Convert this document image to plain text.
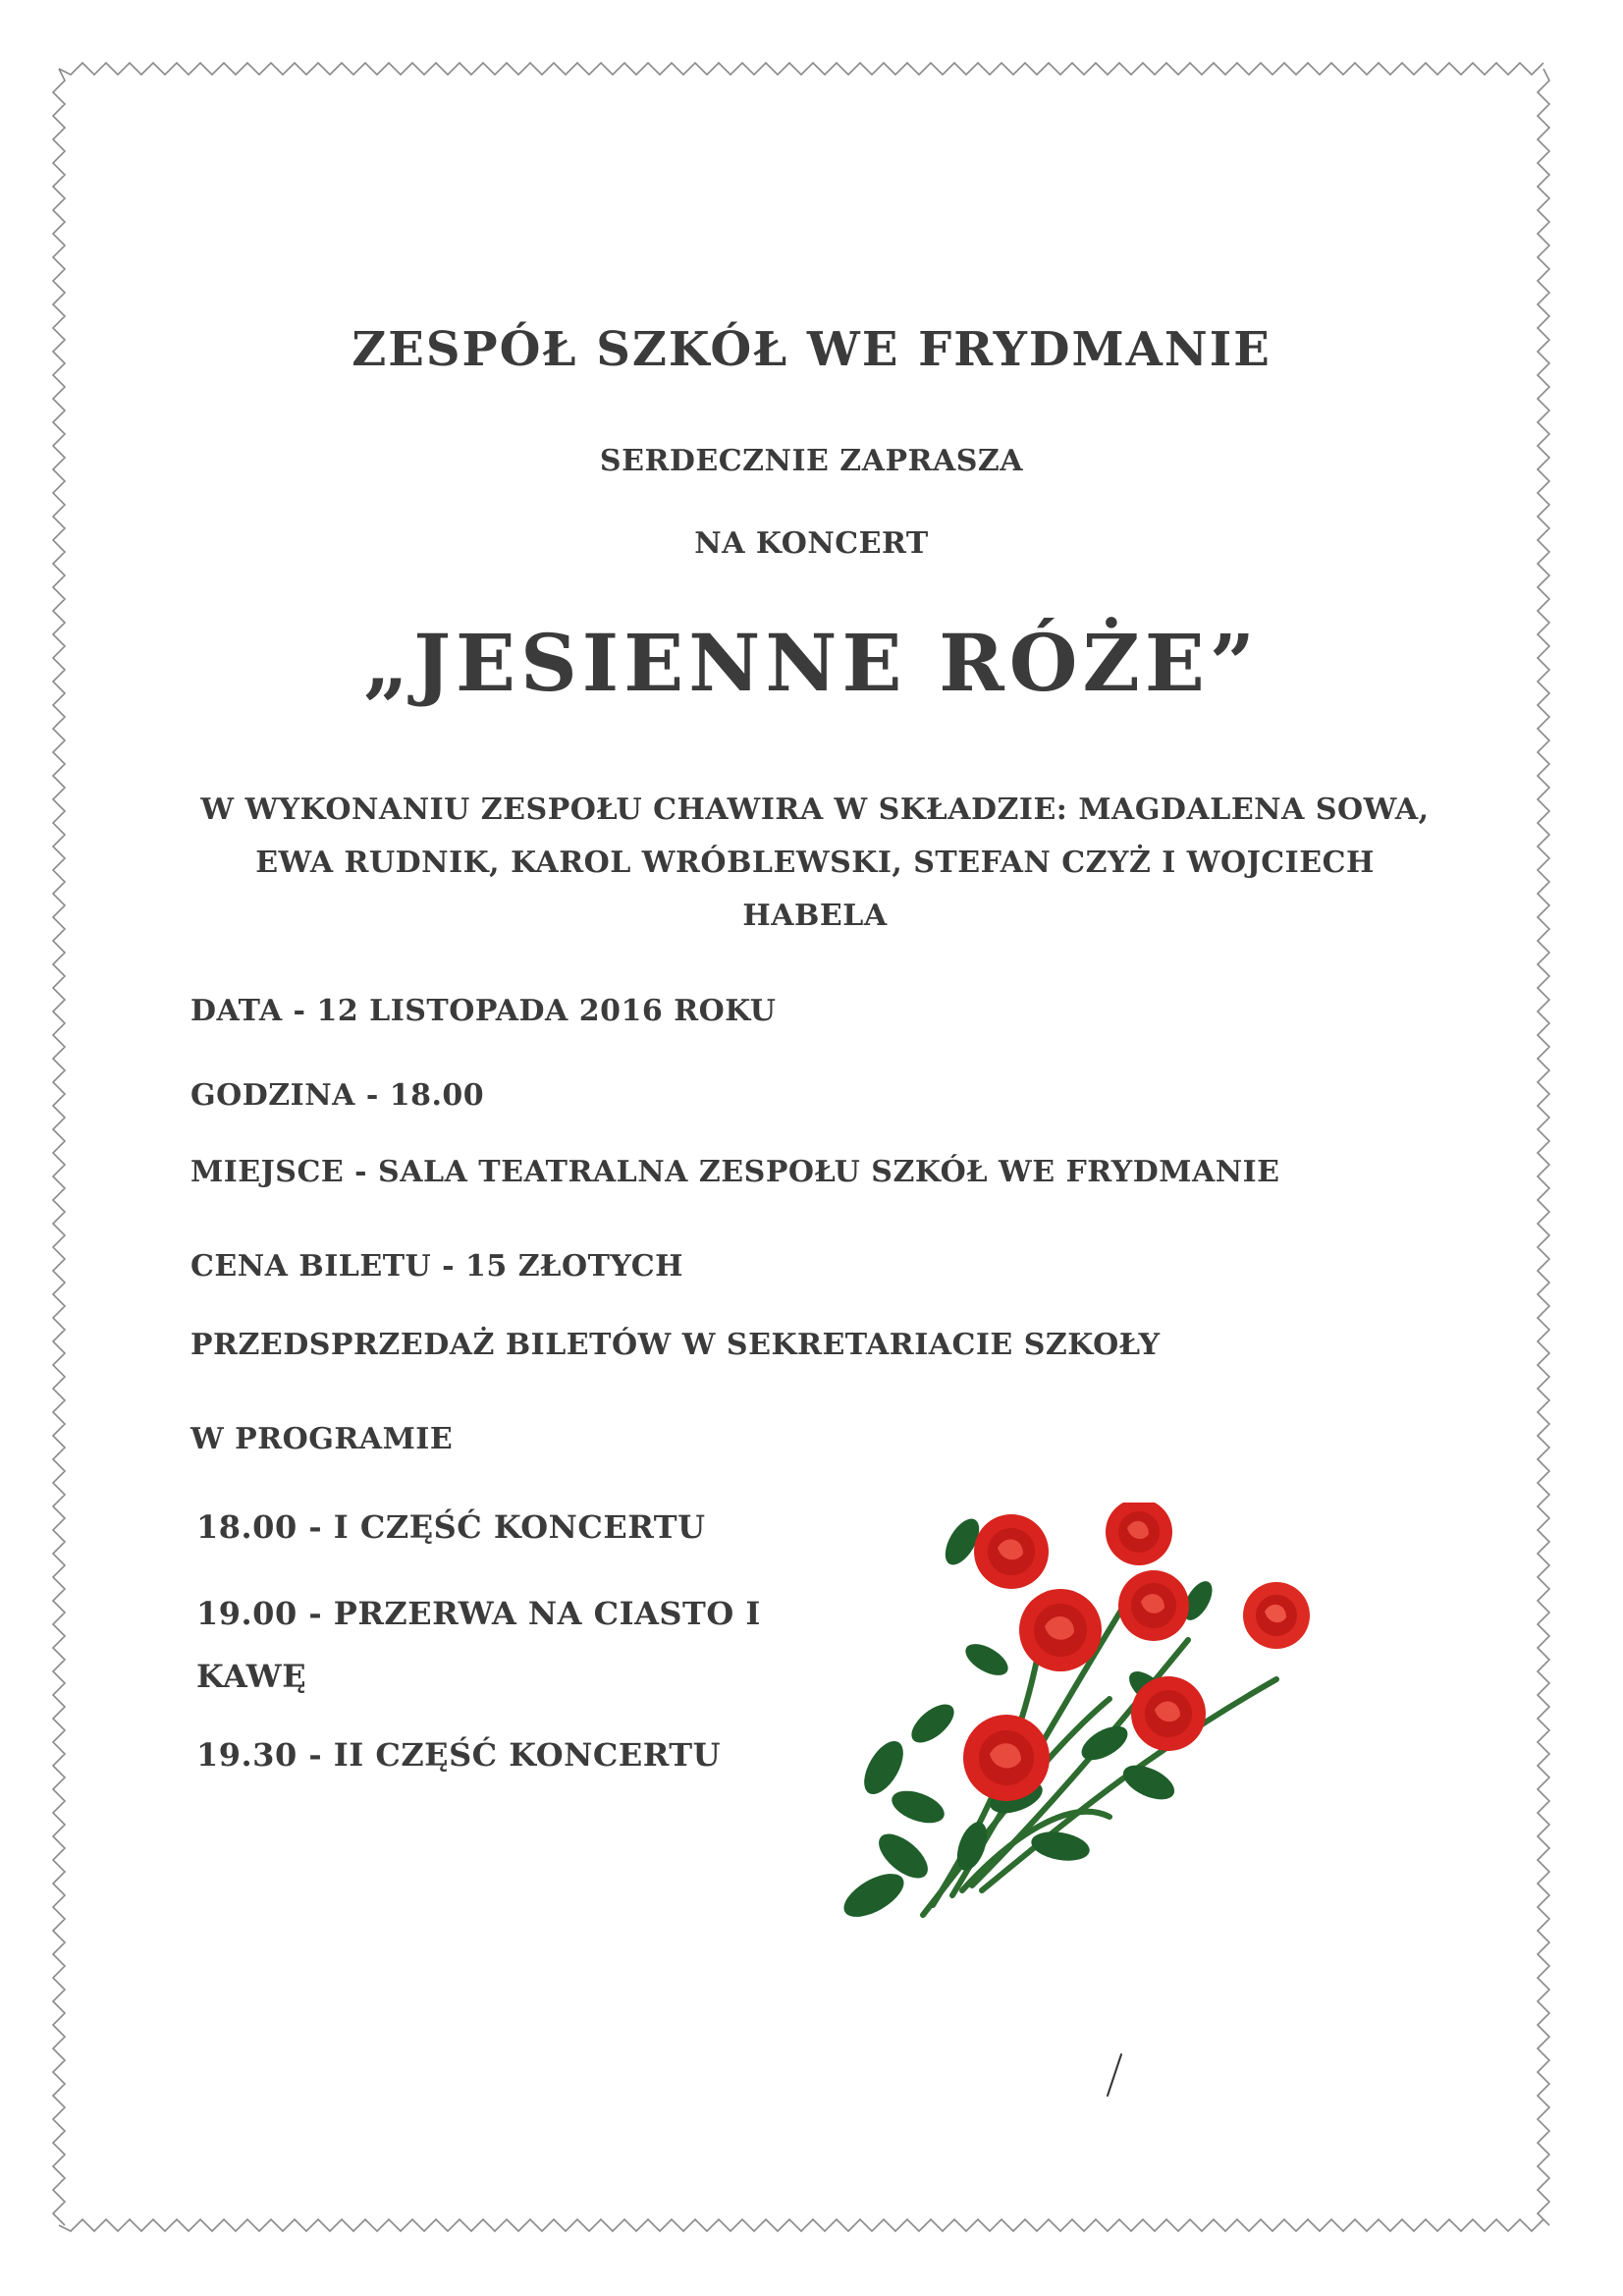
ZESPÓŁ SZKÓŁ WE FRYDMANIE

SERDECZNIE ZAPRASZA

NA KONCERT

„JESIENNE RÓŻE”
W WYKONANIU ZESPOŁU CHAWIRA W SKŁADZIE: MAGDALENA SOWA,
EWA RUDNIK, KAROL WRÓBLEWSKI, STEFAN CZYŻ I WOJCIECH
HABELA

DATA - 12 LISTOPADA 2016 ROKU

GODZINA - 18.00

MIEJSCE - SALA TEATRALNA ZESPOŁU SZKÓŁ WE FRYDMANIE

CENA BILETU - 15 ZŁOTYCH

PRZEDSPRZEDAŻ BILETÓW W SEKRETARIACIE SZKOŁY

W PROGRAMIE

18.00 - I CZĘŚĆ KONCERTU

19.00 - PRZERWA NA CIASTO I

KAWĘ

19.30 - II CZĘŚĆ KONCERTU
